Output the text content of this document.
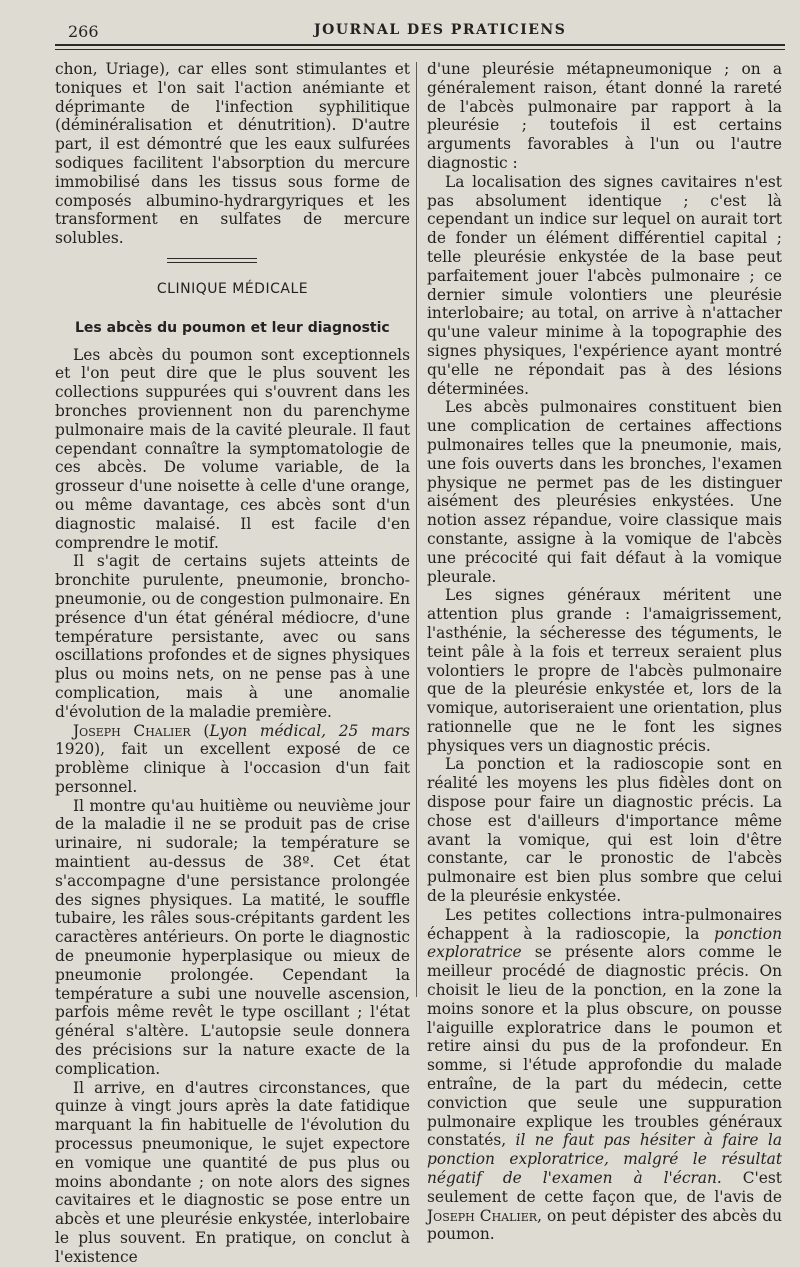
266	JOURNAL DES PRATICIENS

chon, Uriage), car elles sont stimulantes et toniques et l'on sait l'action anémiante et déprimante de l'infection syphilitique (déminéralisation et dénutrition). D'autre part, il est démontré que les eaux sulfurées sodiques facilitent l'absorption du mercure immobilisé dans les tissus sous forme de composés albumino-hydrargyriques et les transforment en sulfates de mercure solubles.

CLINIQUE MÉDICALE
Les abcès du poumon et leur diagnostic

Les abcès du poumon sont exceptionnels et l'on peut dire que le plus souvent les collections suppurées qui s'ouvrent dans les bronches proviennent non du parenchyme pulmonaire mais de la cavité pleurale. Il faut cependant connaître la symptomatologie de ces abcès. De volume variable, de la grosseur d'une noisette à celle d'une orange, ou même davantage, ces abcès sont d'un diagnostic malaisé. Il est facile d'en comprendre le motif.

Il s'agit de certains sujets atteints de bronchite purulente, pneumonie, broncho-pneumonie, ou de congestion pulmonaire. En présence d'un état général médiocre, d'une température persistante, avec ou sans oscillations profondes et de signes physiques plus ou moins nets, on ne pense pas à une complication, mais à une anomalie d'évolution de la maladie première.

Joseph Chalier (Lyon médical, 25 mars 1920), fait un excellent exposé de ce problème clinique à l'occasion d'un fait personnel.

Il montre qu'au huitième ou neuvième jour de la maladie il ne se produit pas de crise urinaire, ni sudorale; la température se maintient au-dessus de 38º. Cet état s'accompagne d'une persistance prolongée des signes physiques. La matité, le souffle tubaire, les râles sous-crépitants gardent les caractères antérieurs. On porte le diagnostic de pneumonie hyperplasique ou mieux de pneumonie prolongée. Cependant la température a subi une nouvelle ascension, parfois même revêt le type oscillant ; l'état général s'altère. L'autopsie seule donnera des précisions sur la nature exacte de la complication.

Il arrive, en d'autres circonstances, que quinze à vingt jours après la date fatidique marquant la fin habituelle de l'évolution du processus pneumonique, le sujet expectore en vomique une quantité de pus plus ou moins abondante ; on note alors des signes cavitaires et le diagnostic se pose entre un abcès et une pleurésie enkystée, interlobaire le plus souvent. En pratique, on conclut à l'existence

d'une pleurésie métapneumonique ; on a généralement raison, étant donné la rareté de l'abcès pulmonaire par rapport à la pleurésie ; toutefois il est certains arguments favorables à l'un ou l'autre diagnostic :

La localisation des signes cavitaires n'est pas absolument identique ; c'est là cependant un indice sur lequel on aurait tort de fonder un élément différentiel capital ; telle pleurésie enkystée de la base peut parfaitement jouer l'abcès pulmonaire ; ce dernier simule volontiers une pleurésie interlobaire; au total, on arrive à n'attacher qu'une valeur minime à la topographie des signes physiques, l'expérience ayant montré qu'elle ne répondait pas à des lésions déterminées.

Les abcès pulmonaires constituent bien une complication de certaines affections pulmonaires telles que la pneumonie, mais, une fois ouverts dans les bronches, l'examen physique ne permet pas de les distinguer aisément des pleurésies enkystées. Une notion assez répandue, voire classique mais constante, assigne à la vomique de l'abcès une précocité qui fait défaut à la vomique pleurale.

Les signes généraux méritent une attention plus grande : l'amaigrissement, l'asthénie, la sécheresse des téguments, le teint pâle à la fois et terreux seraient plus volontiers le propre de l'abcès pulmonaire que de la pleurésie enkystée et, lors de la vomique, autoriseraient une orientation, plus rationnelle que ne le font les signes physiques vers un diagnostic précis.

La ponction et la radioscopie sont en réalité les moyens les plus fidèles dont on dispose pour faire un diagnostic précis. La chose est d'ailleurs d'importance même avant la vomique, qui est loin d'être constante, car le pronostic de l'abcès pulmonaire est bien plus sombre que celui de la pleurésie enkystée.

Les petites collections intra-pulmonaires échappent à la radioscopie, la ponction exploratrice se présente alors comme le meilleur procédé de diagnostic précis. On choisit le lieu de la ponction, en la zone la moins sonore et la plus obscure, on pousse l'aiguille exploratrice dans le poumon et retire ainsi du pus de la profondeur. En somme, si l'étude approfondie du malade entraîne, de la part du médecin, cette conviction que seule une suppuration pulmonaire explique les troubles généraux constatés, il ne faut pas hésiter à faire la ponction exploratrice, malgré le résultat négatif de l'examen à l'écran. C'est seulement de cette façon que, de l'avis de Joseph Chalier, on peut dépister des abcès du poumon.
